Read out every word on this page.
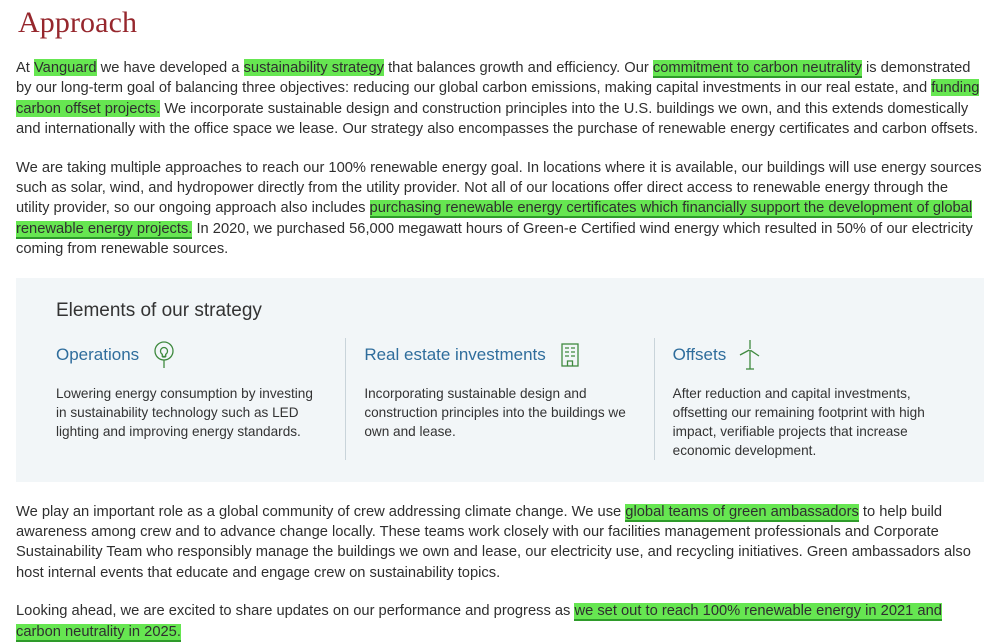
Approach

At Vanguard we have developed a sustainability strategy that balances growth and efficiency. Our commitment to carbon neutrality is demonstrated by our long-term goal of balancing three objectives: reducing our global carbon emissions, making capital investments in our real estate, and funding carbon offset projects. We incorporate sustainable design and construction principles into the U.S. buildings we own, and this extends domestically and internationally with the office space we lease. Our strategy also encompasses the purchase of renewable energy certificates and carbon offsets.

We are taking multiple approaches to reach our 100% renewable energy goal. In locations where it is available, our buildings will use energy sources such as solar, wind, and hydropower directly from the utility provider. Not all of our locations offer direct access to renewable energy through the utility provider, so our ongoing approach also includes purchasing renewable energy certificates which financially support the development of global renewable energy projects. In 2020, we purchased 56,000 megawatt hours of Green-e Certified wind energy which resulted in 50% of our electricity coming from renewable sources.

Elements of our strategy
Operations
Lowering energy consumption by investing in sustainability technology such as LED lighting and improving energy standards.
Real estate investments
Incorporating sustainable design and construction principles into the buildings we own and lease.
Offsets
After reduction and capital investments, offsetting our remaining footprint with high impact, verifiable projects that increase economic development.

We play an important role as a global community of crew addressing climate change. We use global teams of green ambassadors to help build awareness among crew and to advance change locally. These teams work closely with our facilities management professionals and Corporate Sustainability Team who responsibly manage the buildings we own and lease, our electricity use, and recycling initiatives. Green ambassadors also host internal events that educate and engage crew on sustainability topics.

Looking ahead, we are excited to share updates on our performance and progress as we set out to reach 100% renewable energy in 2021 and carbon neutrality in 2025.
